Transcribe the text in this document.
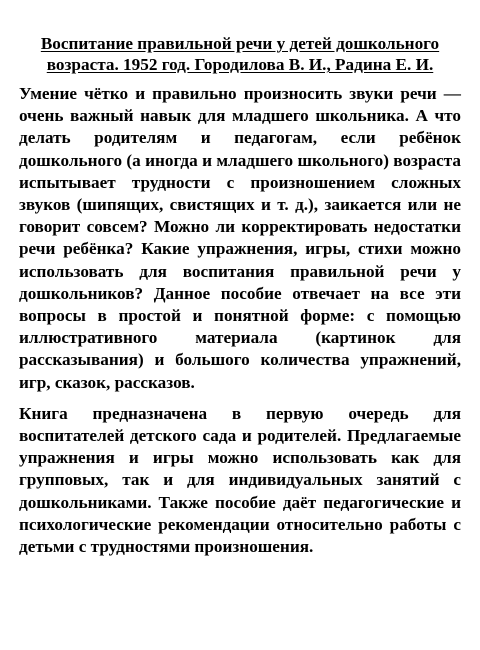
Воспитание правильной речи у детей дошкольного
возраста. 1952 год. Городилова В. И., Радина Е. И.

Умение чётко и правильно произносить звуки речи — очень важный навык для младшего школьника. А что делать родителям и педагогам, если ребёнок дошкольного (а иногда и младшего школьного) возраста испытывает трудности с произношением сложных звуков (шипящих, свистящих и т. д.), заикается или не говорит совсем? Можно ли корректировать недостатки речи ребёнка? Какие упражнения, игры, стихи можно использовать для воспитания правильной речи у дошкольников? Данное пособие отвечает на все эти вопросы в простой и понятной форме: с помощью иллюстративного материала (картинок для рассказывания) и большого количества упражнений, игр, сказок, рассказов.

Книга предназначена в первую очередь для воспитателей детского сада и родителей. Предлагаемые упражнения и игры можно использовать как для групповых, так и для индивидуальных занятий с дошкольниками. Также пособие даёт педагогические и психологические рекомендации относительно работы с детьми с трудностями произношения.
